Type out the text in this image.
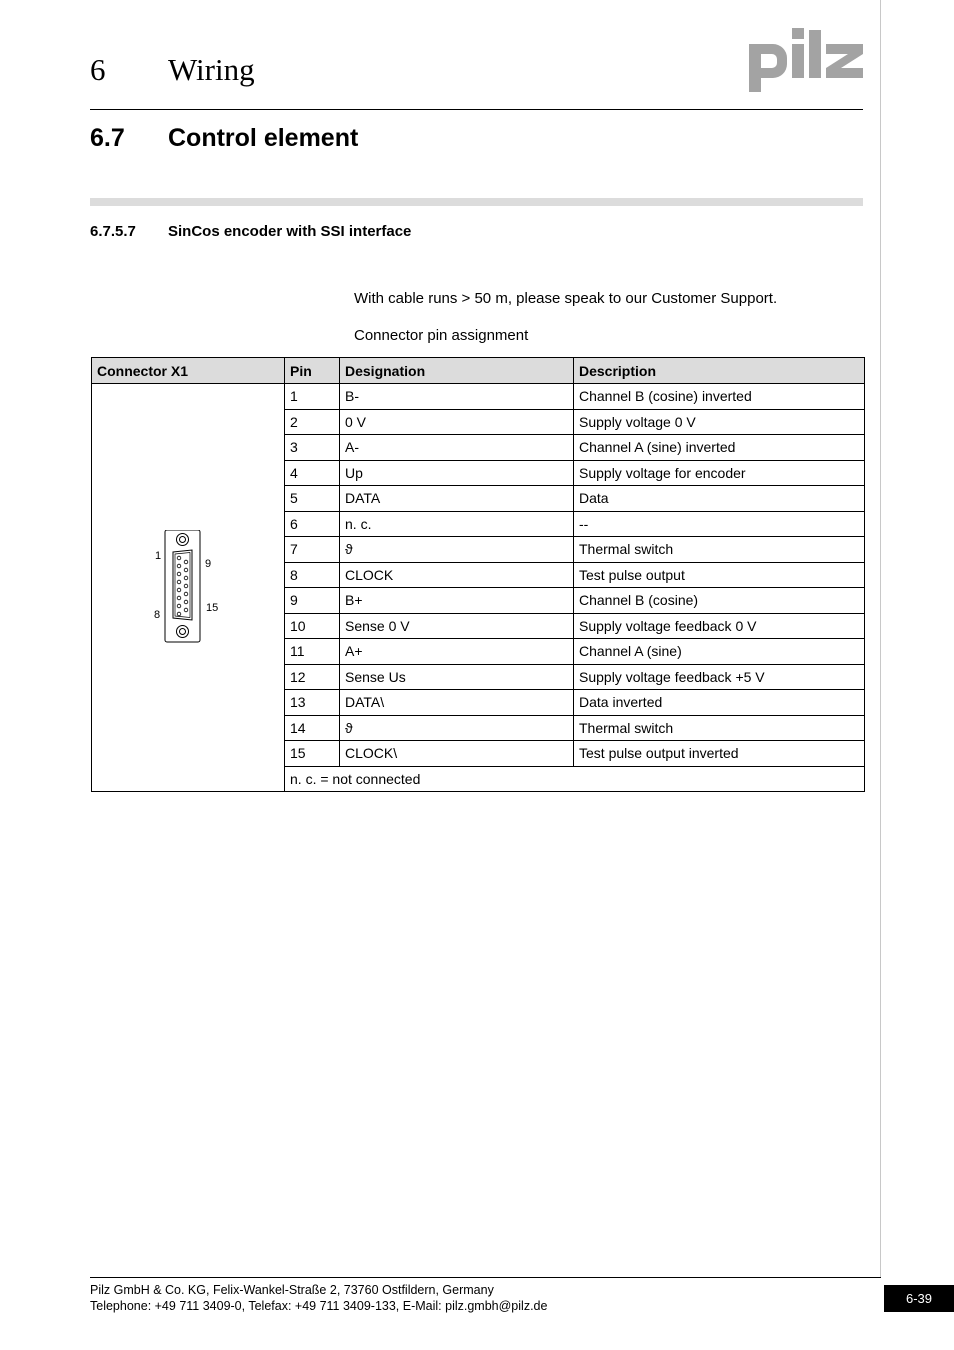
6 Wiring
6.7 Control element
6.7.5.7 SinCos encoder with SSI interface
With cable runs > 50 m, please speak to our Customer Support.
Connector pin assignment
Connector X1	Pin	Designation	Description

1
8
9
15	1	B-	Channel B (cosine) inverted
	2	0 V	Supply voltage 0 V
	3	A-	Channel A (sine) inverted
	4	Up	Supply voltage for encoder
	5	DATA	Data
	6	n. c.	--
	7	ϑ	Thermal switch
	8	CLOCK	Test pulse output
	9	B+	Channel B (cosine)
	10	Sense 0 V	Supply voltage feedback 0 V
	11	A+	Channel A (sine)
	12	Sense Us	Supply voltage feedback +5 V
	13	DATA\	Data inverted
	14	ϑ	Thermal switch
	15	CLOCK\	Test pulse output inverted
	n. c. = not connected		
Pilz GmbH & Co. KG, Felix-Wankel-Straße 2, 73760 Ostfildern, Germany
Telephone: +49 711 3409-0, Telefax: +49 711 3409-133, E-Mail: pilz.gmbh@pilz.de	6-39
